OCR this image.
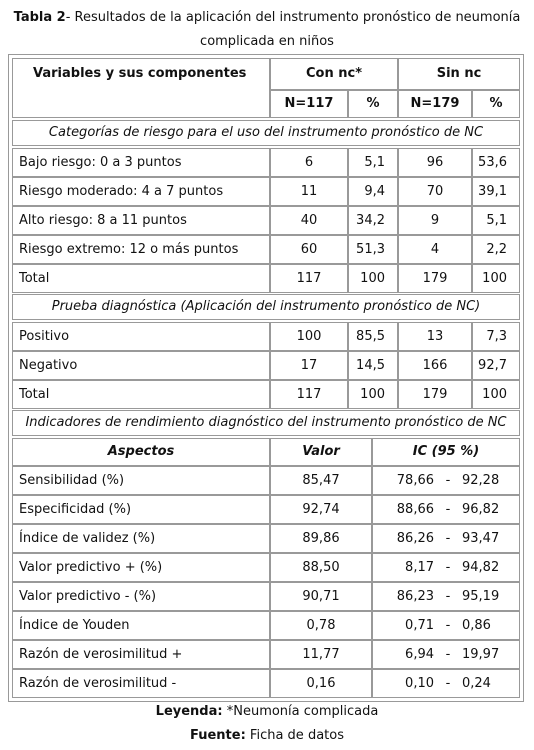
Tabla 2- Resultados de la aplicación del instrumento pronóstico de neumonía
complicada en niños
Variables y sus componentes	Con nc*	Sin nc
N=117	%	N=179	%
Categorías de riesgo para el uso del instrumento pronóstico de NC
Bajo riesgo: 0 a 3 puntos	6	5,1	96	53,6
Riesgo moderado: 4 a 7 puntos	11	9,4	70	39,1
Alto riesgo: 8 a 11 puntos	40	34,2	9	5,1
Riesgo extremo: 12 o más puntos	60	51,3	4	2,2
Total	117	100	179	100
Prueba diagnóstica (Aplicación del instrumento pronóstico de NC)
Positivo	100	85,5	13	7,3
Negativo	17	14,5	166	92,7
Total	117	100	179	100
Indicadores de rendimiento diagnóstico del instrumento pronóstico de NC
Aspectos	Valor	IC (95 %)
Sensibilidad (%)	85,47	78,66 - 92,28
Especificidad (%)	92,74	88,66 - 96,82
Índice de validez (%)	89,86	86,26 - 93,47
Valor predictivo + (%)	88,50	8,17 - 94,82
Valor predictivo - (%)	90,71	86,23 - 95,19
Índice de Youden	0,78	0,71 - 0,86
Razón de verosimilitud +	11,77	6,94 - 19,97
Razón de verosimilitud -	0,16	0,10 - 0,24
Leyenda: *Neumonía complicada
Fuente: Ficha de datos
